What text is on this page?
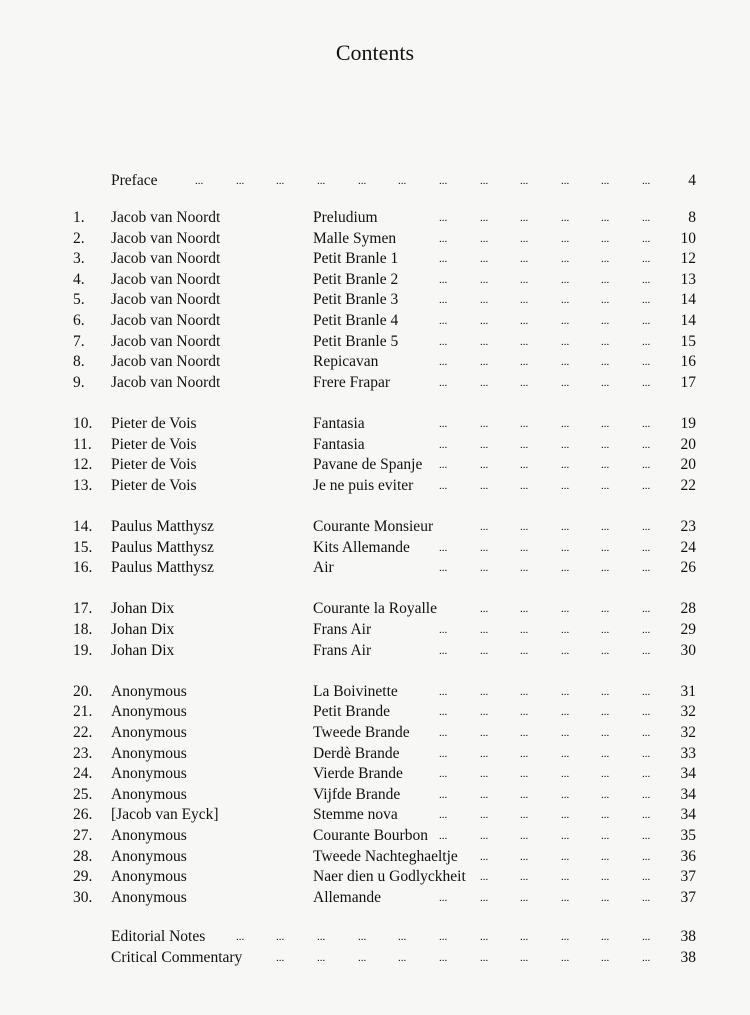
Contents
Preface	4
...	...	...	...	...	...	...	...	...	...	...	...
1.	Jacob van Noordt	Preludium	8
...	...	...	...	...	...
2.	Jacob van Noordt	Malle Symen	10
...	...	...	...	...	...
3.	Jacob van Noordt	Petit Branle 1	12
...	...	...	...	...	...
4.	Jacob van Noordt	Petit Branle 2	13
...	...	...	...	...	...
5.	Jacob van Noordt	Petit Branle 3	14
...	...	...	...	...	...
6.	Jacob van Noordt	Petit Branle 4	14
...	...	...	...	...	...
7.	Jacob van Noordt	Petit Branle 5	15
...	...	...	...	...	...
8.	Jacob van Noordt	Repicavan	16
...	...	...	...	...	...
9.	Jacob van Noordt	Frere Frapar	17
...	...	...	...	...	...
10.	Pieter de Vois	Fantasia	19
...	...	...	...	...	...
11.	Pieter de Vois	Fantasia	20
...	...	...	...	...	...
12.	Pieter de Vois	Pavane de Spanje	20
...	...	...	...	...	...
13.	Pieter de Vois	Je ne puis eviter	22
...	...	...	...	...	...
14.	Paulus Matthysz	Courante Monsieur	23
...	...	...	...	...
15.	Paulus Matthysz	Kits Allemande	24
...	...	...	...	...	...
16.	Paulus Matthysz	Air	26
...	...	...	...	...	...
17.	Johan Dix	Courante la Royalle	28
...	...	...	...	...
18.	Johan Dix	Frans Air	29
...	...	...	...	...	...
19.	Johan Dix	Frans Air	30
...	...	...	...	...	...
20.	Anonymous	La Boivinette	31
...	...	...	...	...	...
21.	Anonymous	Petit Brande	32
...	...	...	...	...	...
22.	Anonymous	Tweede Brande	32
...	...	...	...	...	...
23.	Anonymous	Derdè Brande	33
...	...	...	...	...	...
24.	Anonymous	Vierde Brande	34
...	...	...	...	...	...
25.	Anonymous	Vijfde Brande	34
...	...	...	...	...	...
26.	[Jacob van Eyck]	Stemme nova	34
...	...	...	...	...	...
27.	Anonymous	Courante Bourbon	35
...	...	...	...	...	...
28.	Anonymous	Tweede Nachteghaeltje	36
...	...	...	...	...
29.	Anonymous	Naer dien u Godlyckheit	37
...	...	...	...	...
30.	Anonymous	Allemande	37
...	...	...	...	...	...
Editorial Notes	38
...	...	...	...	...	...	...	...	...	...	...
Critical Commentary	38
...	...	...	...	...	...	...	...	...	...
